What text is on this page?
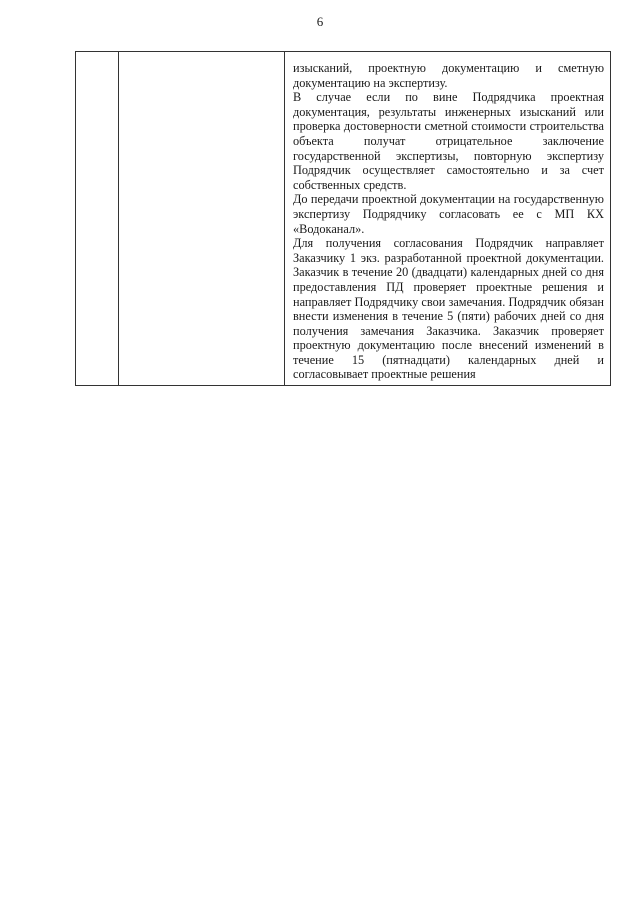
6

изысканий, проектную документацию и сметную документацию на экспертизу.

В случае если по вине Подрядчика проектная документация, результаты инженерных изысканий или проверка достоверности сметной стоимости строительства объекта получат отрицательное заключение государственной экспертизы, повторную экспертизу Подрядчик осуществляет самостоятельно и за счет собственных средств.

До передачи проектной документации на государственную экспертизу Подрядчику согласовать ее с МП КХ «Водоканал».

Для получения согласования Подрядчик направляет Заказчику 1 экз. разработанной проектной документации. Заказчик в течение 20 (двадцати) календарных дней со дня предоставления ПД проверяет проектные решения и направляет Подрядчику свои замечания. Подрядчик обязан внести изменения в течение 5 (пяти) рабочих дней со дня получения замечания Заказчика. Заказчик проверяет проектную документацию после внесений изменений в течение 15 (пятнадцати) календарных дней и согласовывает проектные решения
